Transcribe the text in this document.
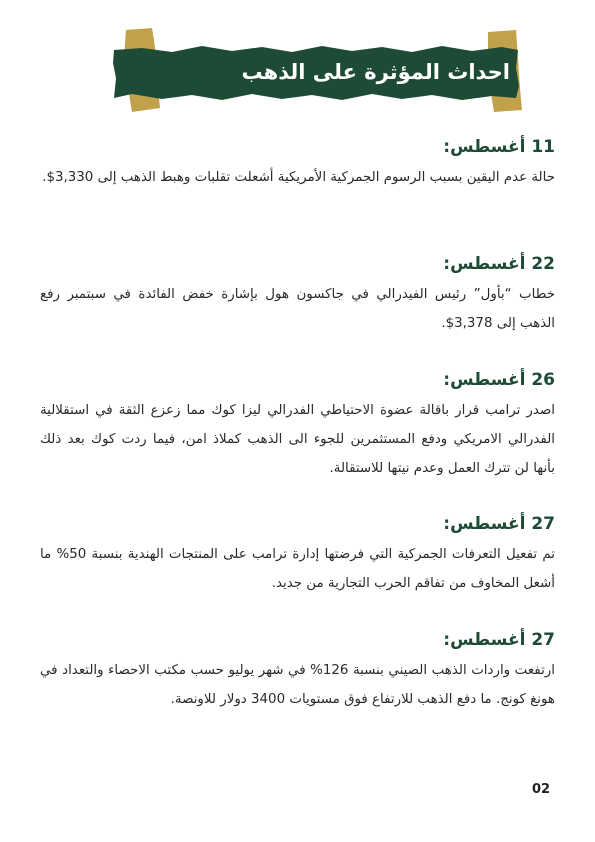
احداث المؤثرة على الذهب
11 أغسطس:

حالة عدم اليقين بسبب الرسوم الجمركية الأمريكية أشعلت تقلبات وهبط الذهب إلى 3,330$.

22 أغسطس:

خطاب “بأول” رئيس الفيدرالي في جاكسون هول بإشارة خفض الفائدة في سبتمبر رفع الذهب إلى 3,378$.

26 أغسطس:

اصدر ترامب قرار باقالة عضوة الاحتياطي الفدرالي ليزا كوك مما زعزع الثقة في استقلالية الفدرالي الامريكي ودفع المستثمرين للجوء الى الذهب كملاذ امن، فيما ردت كوك بعد ذلك بأنها لن تترك العمل وعدم نيتها للاستقالة.

27 أغسطس:

تم تفعيل التعرفات الجمركية التي فرضتها إدارة ترامب على المنتجات الهندية بنسبة 50% ما أشعل المخاوف من تفاقم الحرب التجارية من جديد.

27 أغسطس:

ارتفعت واردات الذهب الصيني بنسبة 126% في شهر يوليو حسب مكتب الاحصاء والتعداد في هونغ كونج. ما دفع الذهب للارتفاع فوق مستويات 3400 دولار للاونصة.

02
